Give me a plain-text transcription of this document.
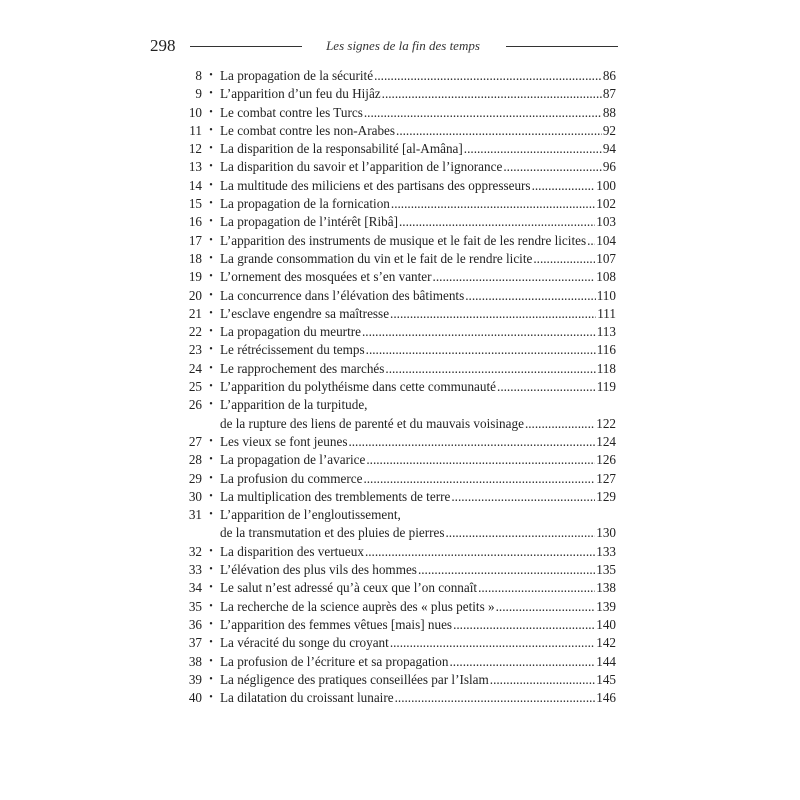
298	Les signes de la fin des temps
8 • La propagation de la sécurité .....	86
9 • L’apparition d’un feu du Hijâz .....	87
10 • Le combat contre les Turcs .....	88
11 • Le combat contre les non-Arabes .....	92
12 • La disparition de la responsabilité [al-Amâna] .....	94
13 • La disparition du savoir et l’apparition de l’ignorance .....	96
14 • La multitude des miliciens et des partisans des oppresseurs .....	100
15 • La propagation de la fornication .....	102
16 • La propagation de l’intérêt [Ribâ] .....	103
17 • L’apparition des instruments de musique et le fait de les rendre licites ..... 104
18 • La grande consommation du vin et le fait de le rendre licite .....	107
19 • L’ornement des mosquées et s’en vanter .....	108
20 • La concurrence dans l’élévation des bâtiments .....	110
21 • L’esclave engendre sa maîtresse .....	111
22 • La propagation du meurtre .....	113
23 • Le rétrécissement du temps .....	116
24 • Le rapprochement des marchés .....	118
25 • L’apparition du polythéisme dans cette communauté .....	119
26 • L’apparition de la turpitude,
de la rupture des liens de parenté et du mauvais voisinage .....	122
27 • Les vieux se font jeunes .....	124
28 • La propagation de l’avarice .....	126
29 • La profusion du commerce .....	127
30 • La multiplication des tremblements de terre .....	129
31 • L’apparition de l’engloutissement,
de la transmutation et des pluies de pierres .....	130
32 • La disparition des vertueux .....	133
33 • L’élévation des plus vils des hommes .....	135
34 • Le salut n’est adressé qu’à ceux que l’on connaît .....	138
35 • La recherche de la science auprès des « plus petits » .....	139
36 • L’apparition des femmes vêtues [mais] nues .....	140
37 • La véracité du songe du croyant .....	142
38 • La profusion de l’écriture et sa propagation .....	144
39 • La négligence des pratiques conseillées par l’Islam .....	145
40 • La dilatation du croissant lunaire .....	146
